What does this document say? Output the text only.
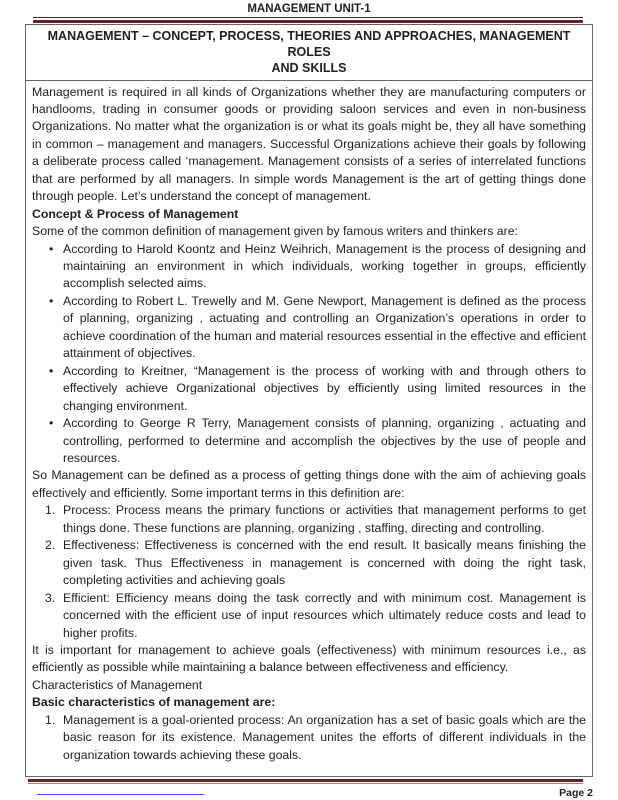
MANAGEMENT UNIT-1
MANAGEMENT – CONCEPT, PROCESS, THEORIES AND APPROACHES, MANAGEMENT ROLES
AND SKILLS

Management is required in all kinds of Organizations whether they are manufacturing computers or handlooms, trading in consumer goods or providing saloon services and even in non-business Organizations. No matter what the organization is or what its goals might be, they all have something in common – management and managers. Successful Organizations achieve their goals by following a deliberate process called ‘management. Management consists of a series of interrelated functions that are performed by all managers. In simple words Management is the art of getting things done through people. Let’s understand the concept of management.

Concept & Process of Management

Some of the common definition of management given by famous writers and thinkers are:

• According to Harold Koontz and Heinz Weihrich, Management is the process of designing and maintaining an environment in which individuals, working together in groups, efficiently accomplish selected aims.
• According to Robert L. Trewelly and M. Gene Newport, Management is defined as the process of planning, organizing , actuating and controlling an Organization’s operations in order to achieve coordination of the human and material resources essential in the effective and efficient attainment of objectives.
• According to Kreitner, “Management is the process of working with and through others to effectively achieve Organizational objectives by efficiently using limited resources in the changing environment.
• According to George R Terry, Management consists of planning, organizing , actuating and controlling, performed to determine and accomplish the objectives by the use of people and resources.

So Management can be defined as a process of getting things done with the aim of achieving goals effectively and efficiently. Some important terms in this definition are:

Process: Process means the primary functions or activities that management performs to get things done. These functions are planning, organizing , staffing, directing and controlling.
Effectiveness: Effectiveness is concerned with the end result. It basically means finishing the given task. Thus Effectiveness in management is concerned with doing the right task, completing activities and achieving goals
Efficient: Efficiency means doing the task correctly and with minimum cost. Management is concerned with the efficient use of input resources which ultimately reduce costs and lead to higher profits.

It is important for management to achieve goals (effectiveness) with minimum resources i.e., as efficiently as possible while maintaining a balance between effectiveness and efficiency.

Characteristics of Management

Basic characteristics of management are:

Management is a goal-oriented process: An organization has a set of basic goals which are the basic reason for its existence. Management unites the efforts of different individuals in the organization towards achieving these goals.
Page 2
